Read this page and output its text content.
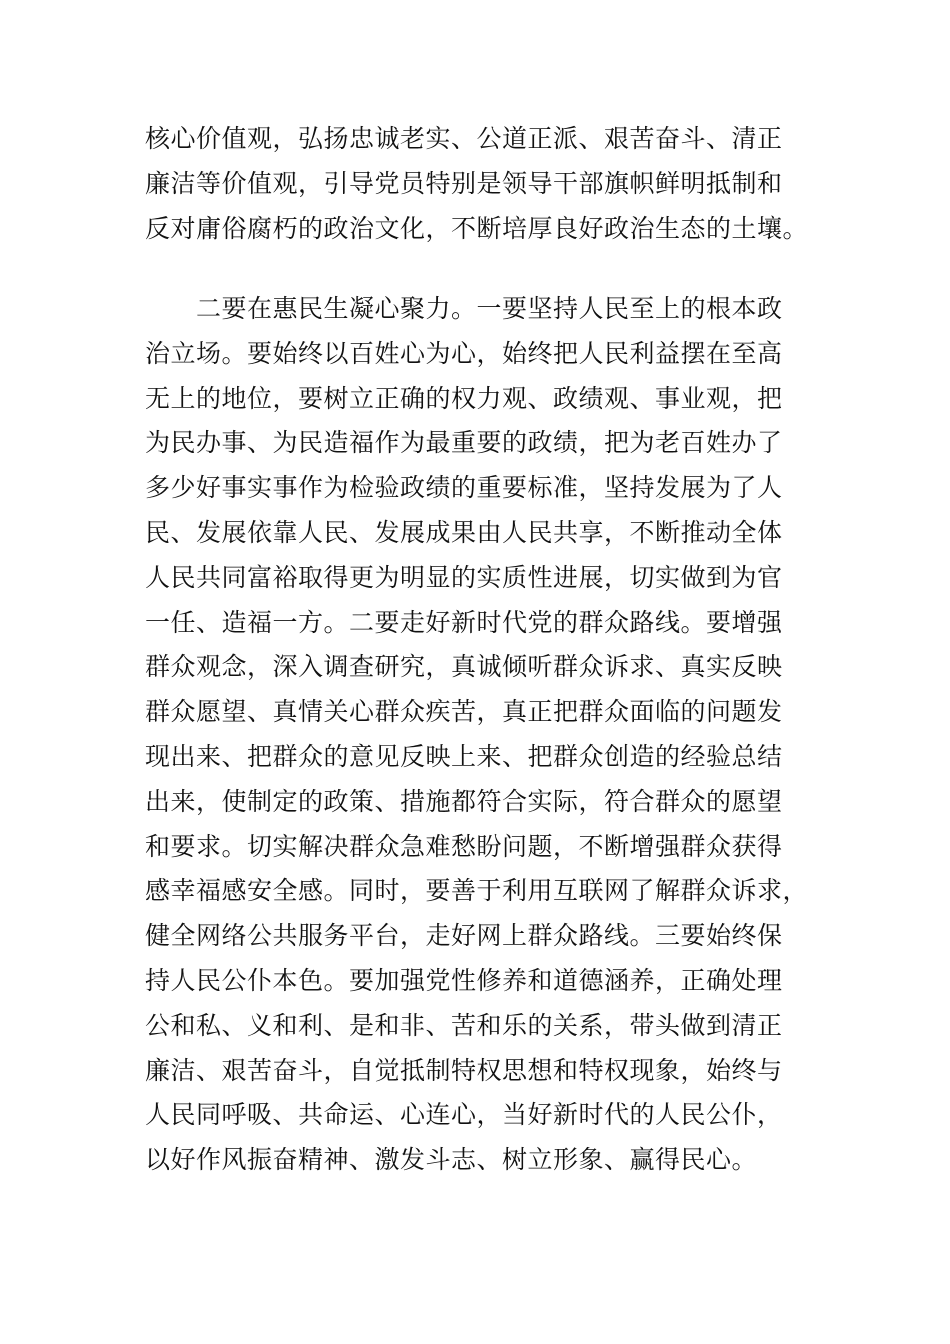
核心价值观，弘扬忠诚老实、公道正派、艰苦奋斗、清正
廉洁等价值观，引导党员特别是领导干部旗帜鲜明抵制和
反对庸俗腐朽的政治文化，不断培厚良好政治生态的土壤。
　　二要在惠民生凝心聚力。一要坚持人民至上的根本政
治立场。要始终以百姓心为心，始终把人民利益摆在至高
无上的地位，要树立正确的权力观、政绩观、事业观，把
为民办事、为民造福作为最重要的政绩，把为老百姓办了
多少好事实事作为检验政绩的重要标准，坚持发展为了人
民、发展依靠人民、发展成果由人民共享，不断推动全体
人民共同富裕取得更为明显的实质性进展，切实做到为官
一任、造福一方。二要走好新时代党的群众路线。要增强
群众观念，深入调查研究，真诚倾听群众诉求、真实反映
群众愿望、真情关心群众疾苦，真正把群众面临的问题发
现出来、把群众的意见反映上来、把群众创造的经验总结
出来，使制定的政策、措施都符合实际，符合群众的愿望
和要求。切实解决群众急难愁盼问题，不断增强群众获得
感幸福感安全感。同时，要善于利用互联网了解群众诉求，
健全网络公共服务平台，走好网上群众路线。三要始终保
持人民公仆本色。要加强党性修养和道德涵养，正确处理
公和私、义和利、是和非、苦和乐的关系，带头做到清正
廉洁、艰苦奋斗，自觉抵制特权思想和特权现象，始终与
人民同呼吸、共命运、心连心，当好新时代的人民公仆，
以好作风振奋精神、激发斗志、树立形象、赢得民心。
